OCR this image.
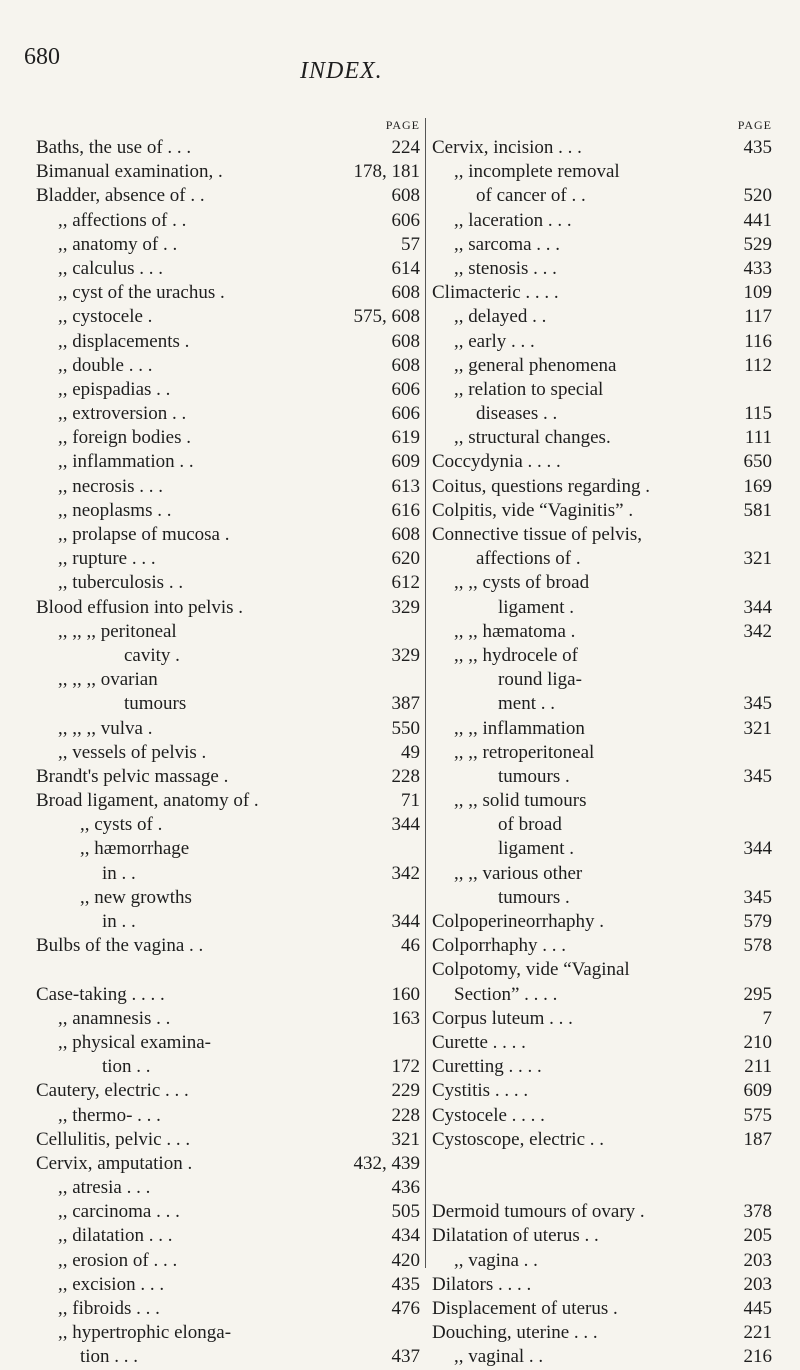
680
INDEX.
PAGE
Baths, the use of . . .	224
Bimanual examination, .	178, 181
Bladder, absence of . .	608
,, affections of . .	606
,, anatomy of . .	57
,, calculus . . .	614
,, cyst of the urachus .	608
,, cystocele .	575, 608
,, displacements .	608
,, double . . .	608
,, epispadias . .	606
,, extroversion . .	606
,, foreign bodies .	619
,, inflammation . .	609
,, necrosis . . .	613
,, neoplasms . .	616
,, prolapse of mucosa .	608
,, rupture . . .	620
,, tuberculosis . .	612
Blood effusion into pelvis .	329
,, ,, ,, peritoneal
cavity .	329
,, ,, ,, ovarian
tumours	387
,, ,, ,, vulva .	550
,, vessels of pelvis .	49
Brandt's pelvic massage .	228
Broad ligament, anatomy of .	71
,, cysts of .	344
,, hæmorrhage
in . .	342
,, new growths
in . .	344
Bulbs of the vagina . .	46
Case-taking . . . .	160
,, anamnesis . .	163
,, physical examina-
tion . .	172
Cautery, electric . . .	229
,, thermo- . . .	228
Cellulitis, pelvic . . .	321
Cervix, amputation .	432, 439
,, atresia . . .	436
,, carcinoma . . .	505
,, dilatation . . .	434
,, erosion of . . .	420
,, excision . . .	435
,, fibroids . . .	476
,, hypertrophic elonga-
tion . . .	437
PAGE
Cervix, incision . . .	435
,, incomplete removal
of cancer of . .	520
,, laceration . . .	441
,, sarcoma . . .	529
,, stenosis . . .	433
Climacteric . . . .	109
,, delayed . .	117
,, early . . .	116
,, general phenomena	112
,, relation to special
diseases . .	115
,, structural changes.	111
Coccydynia . . . .	650
Coitus, questions regarding .	169
Colpitis, vide “Vaginitis” .	581
Connective tissue of pelvis,
affections of .	321
,, ,, cysts of broad
ligament .	344
,, ,, hæmatoma .	342
,, ,, hydrocele of
round liga-
ment . .	345
,, ,, inflammation	321
,, ,, retroperitoneal
tumours .	345
,, ,, solid tumours
of broad
ligament .	344
,, ,, various other
tumours .	345
Colpoperineorrhaphy .	579
Colporrhaphy . . .	578
Colpotomy, vide “Vaginal
Section” . . . .	295
Corpus luteum . . .	7
Curette . . . .	210
Curetting . . . .	211
Cystitis . . . .	609
Cystocele . . . .	575
Cystoscope, electric . .	187
Dermoid tumours of ovary .	378
Dilatation of uterus . .	205
,, vagina . .	203
Dilators . . . .	203
Displacement of uterus .	445
Douching, uterine . . .	221
,, vaginal . .	216
